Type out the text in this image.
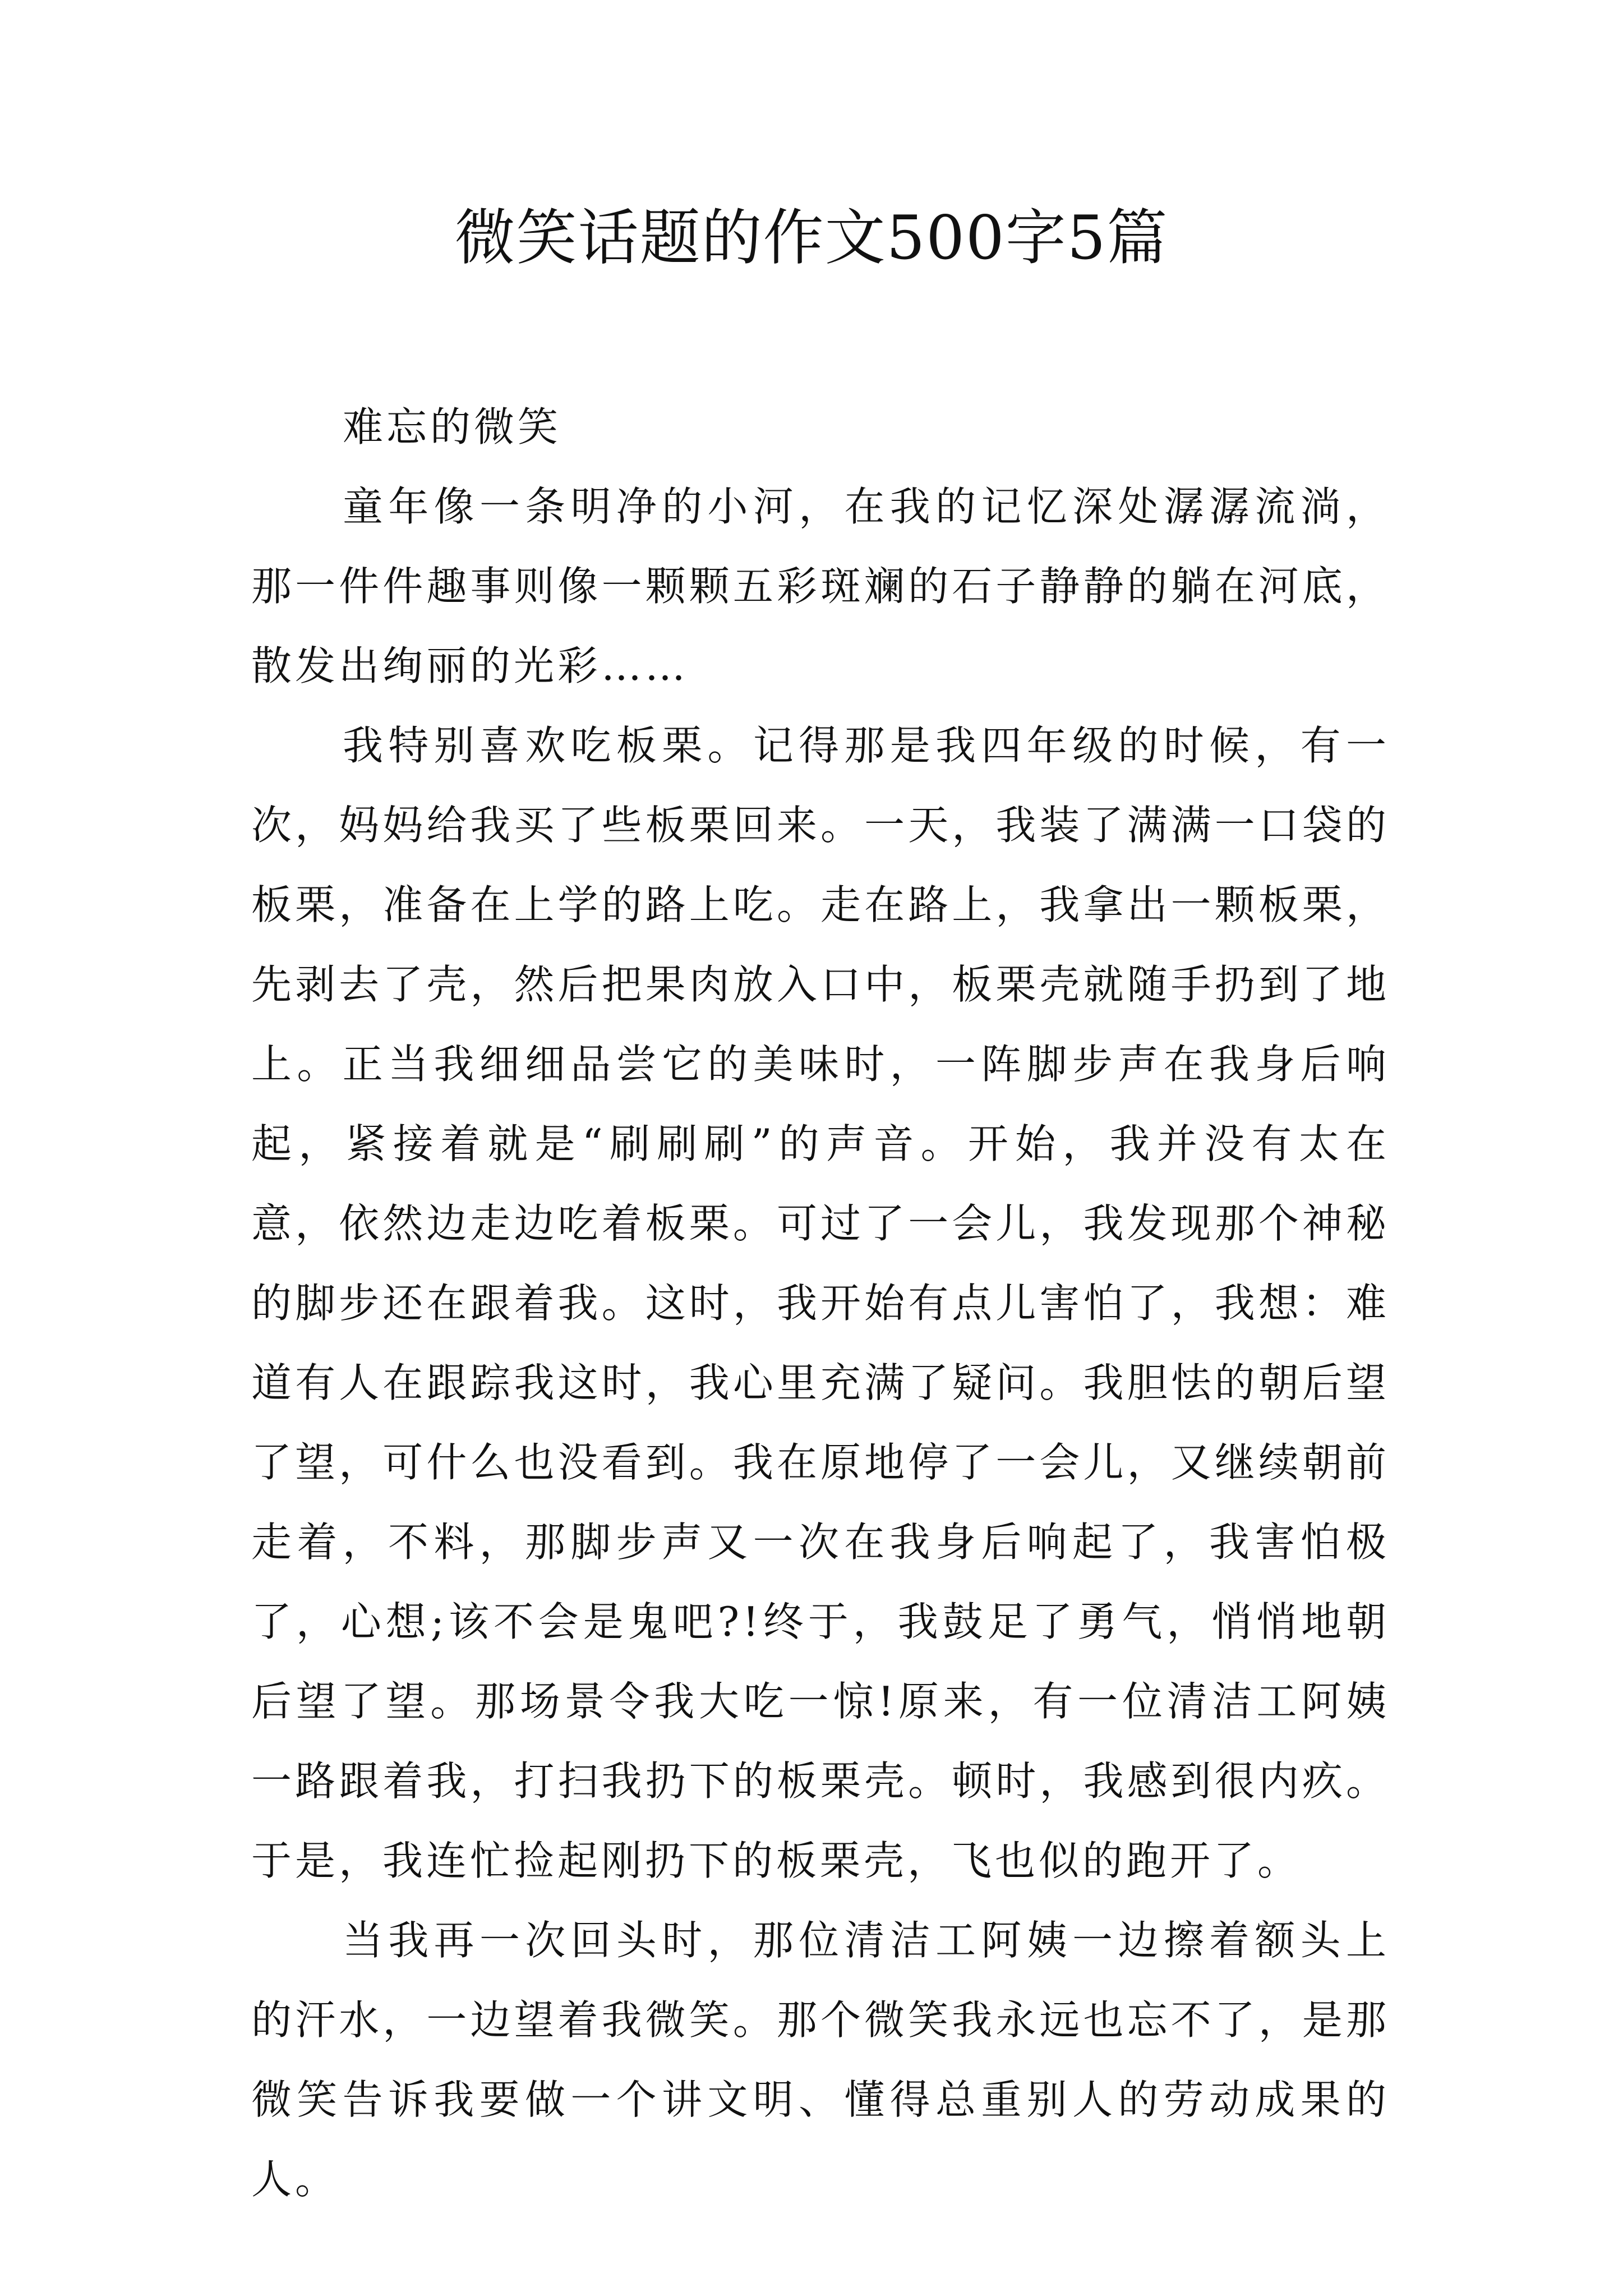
微笑话题的作文500字5篇

难忘的微笑

童年像一条明净的小河，在我的记忆深处潺潺流淌，那一件件趣事则像一颗颗五彩斑斓的石子静静的躺在河底，散发出绚丽的光彩……

我特别喜欢吃板栗。记得那是我四年级的时候，有一次，妈妈给我买了些板栗回来。一天，我装了满满一口袋的板栗，准备在上学的路上吃。走在路上，我拿出一颗板栗，先剥去了壳，然后把果肉放入口中，板栗壳就随手扔到了地上。正当我细细品尝它的美味时，一阵脚步声在我身后响起，紧接着就是“刷刷刷”的声音。开始，我并没有太在意，依然边走边吃着板栗。可过了一会儿，我发现那个神秘的脚步还在跟着我。这时，我开始有点儿害怕了，我想：难道有人在跟踪我这时，我心里充满了疑问。我胆怯的朝后望了望，可什么也没看到。我在原地停了一会儿，又继续朝前走着，不料，那脚步声又一次在我身后响起了，我害怕极了，心想;该不会是鬼吧?!终于，我鼓足了勇气，悄悄地朝后望了望。那场景令我大吃一惊!原来，有一位清洁工阿姨一路跟着我，打扫我扔下的板栗壳。顿时，我感到很内疚。于是，我连忙捡起刚扔下的板栗壳，飞也似的跑开了。

当我再一次回头时，那位清洁工阿姨一边擦着额头上的汗水，一边望着我微笑。那个微笑我永远也忘不了，是那微笑告诉我要做一个讲文明、懂得总重别人的劳动成果的人。
